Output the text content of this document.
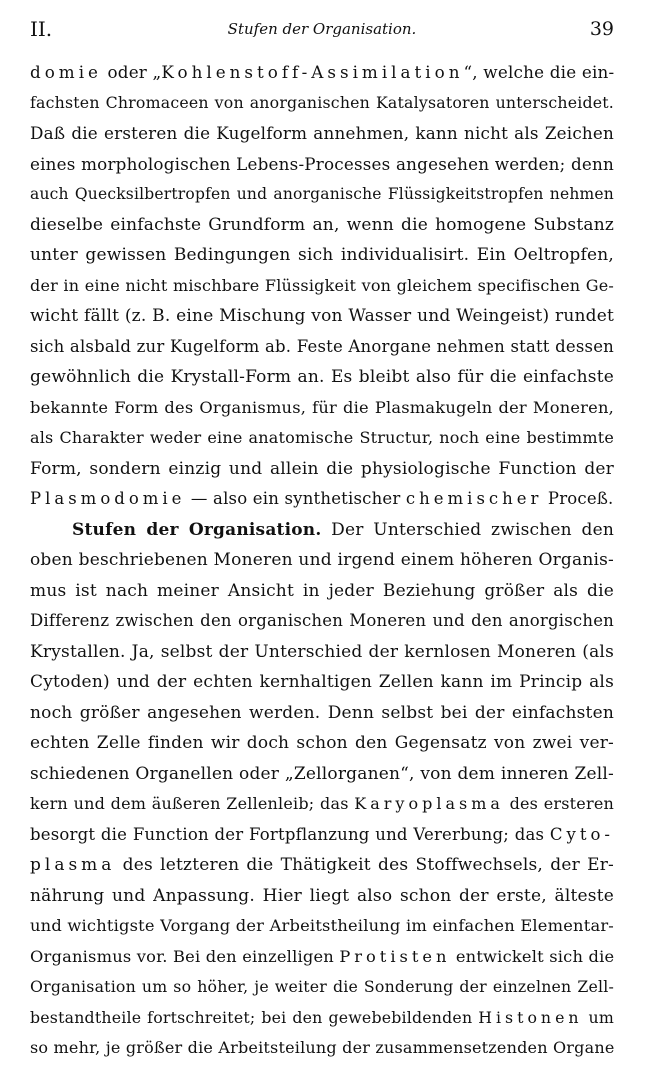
II.	Stufen der Organisation.	39
domie oder „Kohlenstoff-Assimilation“, welche die ein-
fachsten Chromaceen von anorganischen Katalysatoren unterscheidet.
Daß die ersteren die Kugelform annehmen, kann nicht als Zeichen
eines morphologischen Lebens-Processes angesehen werden; denn
auch Quecksilbertropfen und anorganische Flüssigkeitstropfen nehmen
dieselbe einfachste Grundform an, wenn die homogene Substanz
unter gewissen Bedingungen sich individualisirt. Ein Oeltropfen,
der in eine nicht mischbare Flüssigkeit von gleichem specifischen Ge-
wicht fällt (z. B. eine Mischung von Wasser und Weingeist) rundet
sich alsbald zur Kugelform ab. Feste Anorgane nehmen statt dessen
gewöhnlich die Krystall-Form an. Es bleibt also für die einfachste
bekannte Form des Organismus, für die Plasmakugeln der Moneren,
als Charakter weder eine anatomische Structur, noch eine bestimmte
Form, sondern einzig und allein die physiologische Function der
Plasmodomie — also ein synthetischer chemischer Proceß.
Stufen der Organisation. Der Unterschied zwischen den
oben beschriebenen Moneren und irgend einem höheren Organis-
mus ist nach meiner Ansicht in jeder Beziehung größer als die
Differenz zwischen den organischen Moneren und den anorgischen
Krystallen. Ja, selbst der Unterschied der kernlosen Moneren (als
Cytoden) und der echten kernhaltigen Zellen kann im Princip als
noch größer angesehen werden. Denn selbst bei der einfachsten
echten Zelle finden wir doch schon den Gegensatz von zwei ver-
schiedenen Organellen oder „Zellorganen“, von dem inneren Zell-
kern und dem äußeren Zellenleib; das Karyoplasma des ersteren
besorgt die Function der Fortpflanzung und Vererbung; das Cyto-
plasma des letzteren die Thätigkeit des Stoffwechsels, der Er-
nährung und Anpassung. Hier liegt also schon der erste, älteste
und wichtigste Vorgang der Arbeitstheilung im einfachen Elementar-
Organismus vor. Bei den einzelligen Protisten entwickelt sich die
Organisation um so höher, je weiter die Sonderung der einzelnen Zell-
bestandtheile fortschreitet; bei den gewebebildenden Histonen um
so mehr, je größer die Arbeitsteilung der zusammensetzenden Organe
